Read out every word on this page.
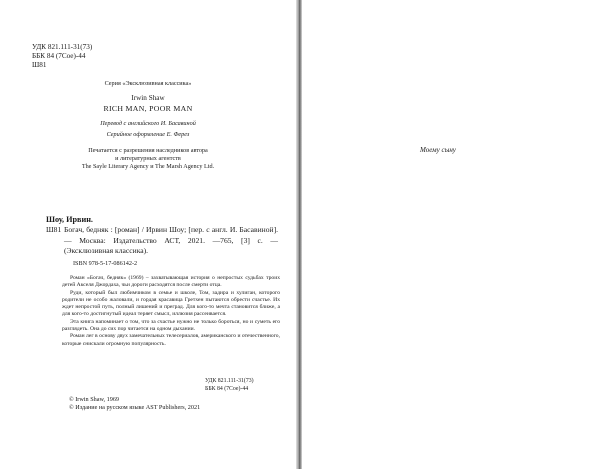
УДК 821.111-31(73)
ББК 84 (7Сое)-44
Ш81
Серия «Эксклюзивная классика»
Irwin Shaw
RICH MAN, POOR MAN
Перевод с английского И. Басавиной
Серийное оформление Е. Ферез
Печатается с разрешения наследников автора
и литературных агентств
The Sayle Literary Agency и The Marsh Agency Ltd.
Шоу, Ирвин.
Ш81 Богач, бедняк : [роман] / Ирвин Шоу; [пер. с англ. И. Басавиной]. — Москва: Издательство АСТ, 2021. —765, [3] с. — (Эксклюзивная классика).
ISBN 978-5-17-086142-2

Роман «Богач, бедняк» (1969) – захватывающая история о непростых судьбах троих детей Акселя Джордаха, чьи дороги расходятся после смерти отца.

Руди, который был любимчиком в семье и школе, Том, задира и хулиган, которого родители не особо жаловали, и гордая красавица Гретхен пытаются обрести счастье. Их ждет непростой путь, полный лишений и преград. Для кого-то мечта становится ближе, а для кого-то достигнутый идеал теряет смысл, иллюзия рассеивается.

Эта книга напоминает о том, что за счастье нужно не только бороться, но и суметь его разглядеть. Она до сих пор читается на одном дыхании.

Роман лег в основу двух замечательных телесериалов, американского и отечественного, которые снискали огромную популярность.

УДК 821.111-31(73)
ББК 84 (7Сое)-44
© Irwin Shaw, 1969
© Издание на русском языке AST Publishers, 2021
Моему сыну
